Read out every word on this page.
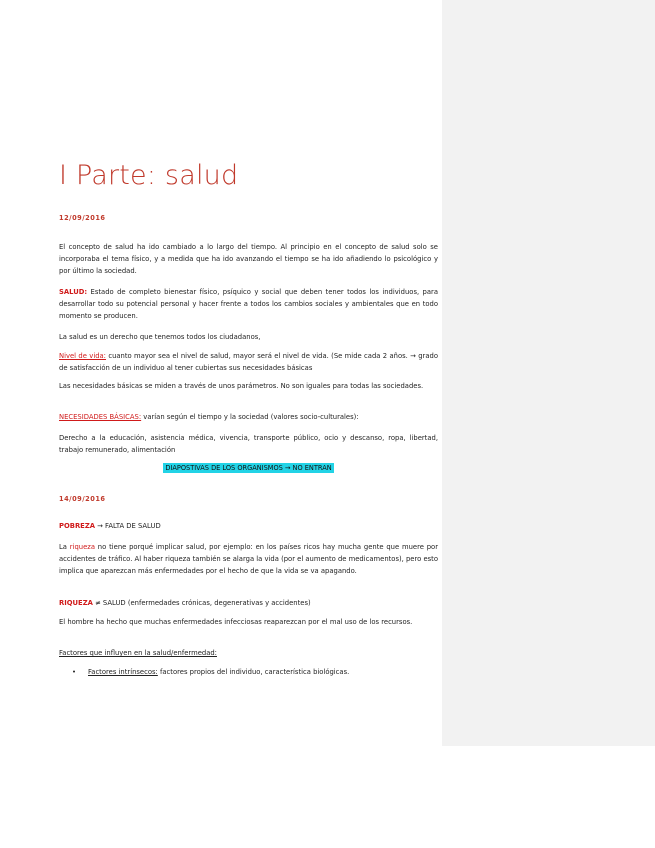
I Parte: salud
12/09/2016

El concepto de salud ha ido cambiado a lo largo del tiempo. Al principio en el concepto de salud solo se incorporaba el tema físico, y a medida que ha ido avanzando el tiempo se ha ido añadiendo lo psicológico y por último la sociedad.

SALUD: Estado de completo bienestar físico, psíquico y social que deben tener todos los individuos, para desarrollar todo su potencial personal y hacer frente a todos los cambios sociales y ambientales que en todo momento se producen.

La salud es un derecho que tenemos todos los ciudadanos,

Nivel de vida: cuanto mayor sea el nivel de salud, mayor será el nivel de vida. (Se mide cada 2 años. → grado de satisfacción de un individuo al tener cubiertas sus necesidades básicas

Las necesidades básicas se miden a través de unos parámetros. No son iguales para todas las sociedades.

NECESIDADES BÁSICAS: varían según el tiempo y la sociedad (valores socio-culturales):

Derecho a la educación, asistencia médica, vivencia, transporte público, ocio y descanso, ropa, libertad, trabajo remunerado, alimentación

DIAPOSTIVAS DE LOS ORGANISMOS → NO ENTRAN
14/09/2016

POBREZA → FALTA DE SALUD

La riqueza no tiene porqué implicar salud, por ejemplo: en los países ricos hay mucha gente que muere por accidentes de tráfico. Al haber riqueza también se alarga la vida (por el aumento de medicamentos), pero esto implica que aparezcan más enfermedades por el hecho de que la vida se va apagando.

RIQUEZA ≠ SALUD (enfermedades crónicas, degenerativas y accidentes)

El hombre ha hecho que muchas enfermedades infecciosas reaparezcan por el mal uso de los recursos.

Factores que influyen en la salud/enfermedad:

• Factores intrínsecos: factores propios del individuo, característica biológicas.
